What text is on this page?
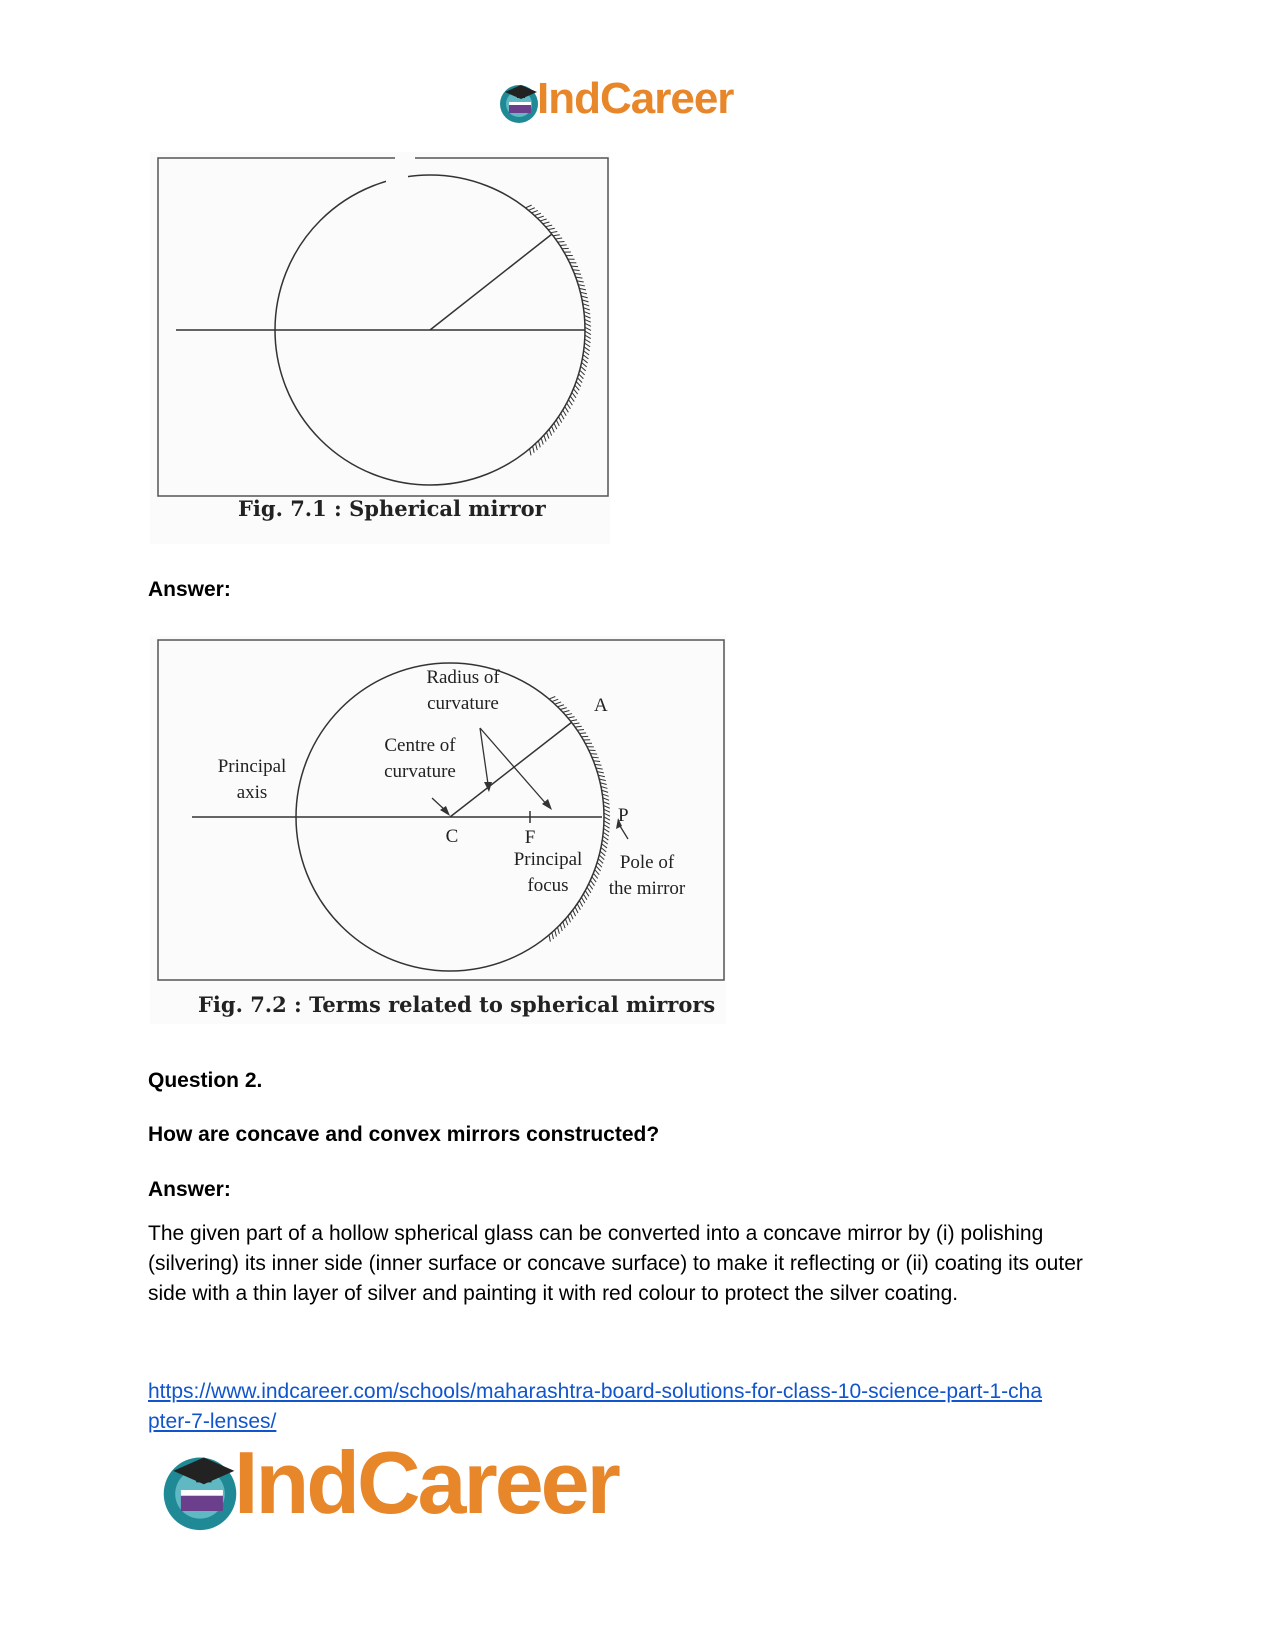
IndCareer
Fig. 7.1 : Spherical mirror
Answer:
Radius of
curvature
Centre of
curvature
Principal
axis
A
C	F
P
Principal
focus
Pole of
the mirror
Fig. 7.2 : Terms related to spherical mirrors
Question 2.
How are concave and convex mirrors constructed?
Answer:
The given part of a hollow spherical glass can be converted into a concave mirror by (i) polishing (silvering) its inner side (inner surface or concave surface) to make it reflecting or (ii) coating its outer side with a thin layer of silver and painting it with red colour to protect the silver coating.
https://www.indcareer.com/schools/maharashtra-board-solutions-for-class-10-science-part-1-cha
pter-7-lenses/
IndCareer
